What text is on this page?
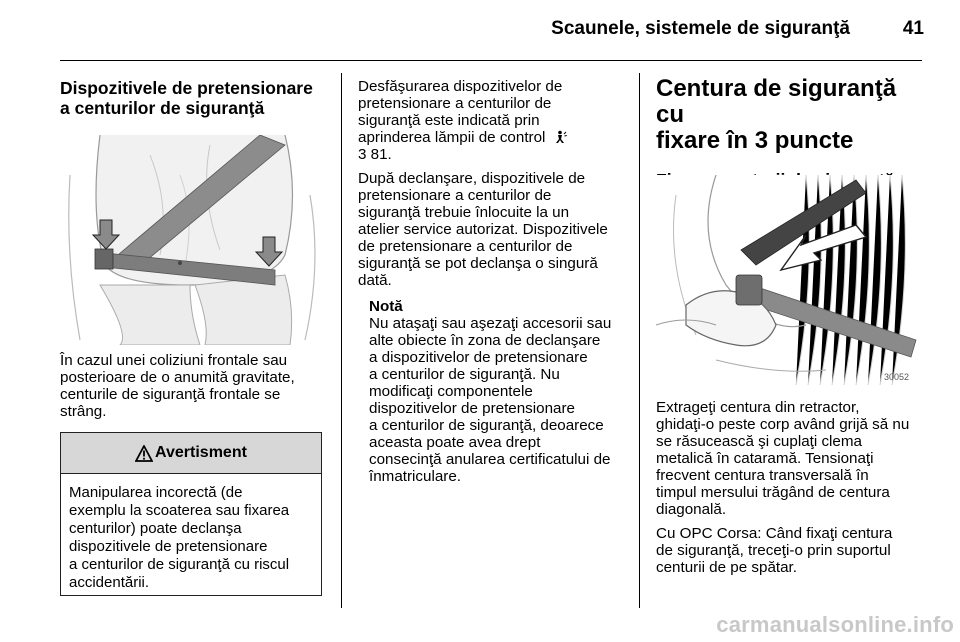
Scaunele, sistemele de siguranţă	41

Dispozitivele de pretensionare
a centurilor de siguranţă

În cazul unei coliziuni frontale sau
posterioare de o anumită gravitate,
centurile de siguranţă frontale se
strâng.

Avertisment
Manipularea incorectă (de
exemplu la scoaterea sau fixarea
centurilor) poate declanşa
dispozitivele de pretensionare
a centurilor de siguranţă cu riscul
accidentării.

Desfăşurarea dispozitivelor de
pretensionare a centurilor de
siguranţă este indicată prin
aprinderea lămpii de control

3 81.

După declanşare, dispozitivele de
pretensionare a centurilor de
siguranţă trebuie înlocuite la un
atelier service autorizat. Dispozitivele
de pretensionare a centurilor de
siguranţă se pot declanşa o singură
dată.

Notă

Nu ataşaţi sau aşezaţi accesorii sau
alte obiecte în zona de declanşare
a dispozitivelor de pretensionare
a centurilor de siguranţă. Nu
modificaţi componentele
dispozitivelor de pretensionare
a centurilor de siguranţă, deoarece
aceasta poate avea drept
consecinţă anularea certificatului de
înmatriculare.

Centura de siguranţă cu
fixare în 3 puncte

30052

Extrageţi centura din retractor,
ghidaţi-o peste corp având grijă să nu
se răsucească şi cuplaţi clema
metalică în cataramă. Tensionaţi
frecvent centura transversală în
timpul mersului trăgând de centura
diagonală.

Cu OPC Corsa: Când fixaţi centura
de siguranţă, treceţi-o prin suportul
centurii de pe spătar.

carmanualsonline.info
